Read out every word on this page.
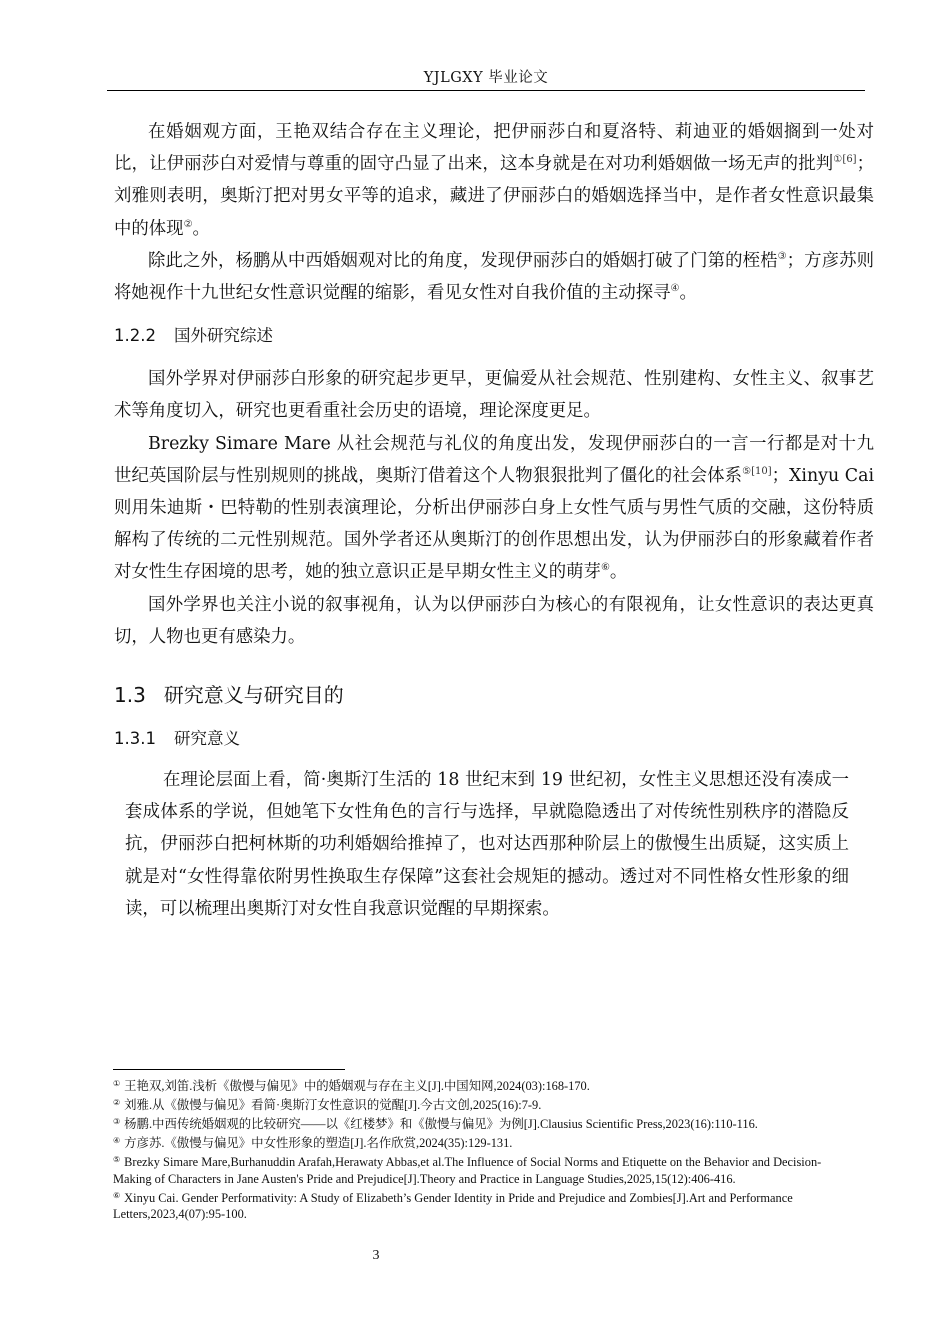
YJLGXY 毕业论文

在婚姻观方面，王艳双结合存在主义理论，把伊丽莎白和夏洛特、莉迪亚的婚姻搁到一处对比，让伊丽莎白对爱情与尊重的固守凸显了出来，这本身就是在对功利婚姻做一场无声的批判$^{①[6]}$；刘雅则表明，奥斯汀把对男女平等的追求，藏进了伊丽莎白的婚姻选择当中，是作者女性意识最集中的体现②。

除此之外，杨鹏从中西婚姻观对比的角度，发现伊丽莎白的婚姻打破了门第的桎梏③；方彦苏则将她视作十九世纪女性意识觉醒的缩影，看见女性对自我价值的主动探寻④。

1.2.2 国外研究综述

国外学界对伊丽莎白形象的研究起步更早，更偏爱从社会规范、性别建构、女性主义、叙事艺术等角度切入，研究也更看重社会历史的语境，理论深度更足。

Brezky Simare Mare 从社会规范与礼仪的角度出发，发现伊丽莎白的一言一行都是对十九世纪英国阶层与性别规则的挑战，奥斯汀借着这个人物狠狠批判了僵化的社会体系$^{⑤[10]}$；Xinyu Cai 则用朱迪斯・巴特勒的性别表演理论，分析出伊丽莎白身上女性气质与男性气质的交融，这份特质解构了传统的二元性别规范。国外学者还从奥斯汀的创作思想出发，认为伊丽莎白的形象藏着作者对女性生存困境的思考，她的独立意识正是早期女性主义的萌芽⑥。

国外学界也关注小说的叙事视角，认为以伊丽莎白为核心的有限视角，让女性意识的表达更真切，人物也更有感染力。

1.3 研究意义与研究目的
1.3.1 研究意义

在理论层面上看，简·奥斯汀生活的 18 世纪末到 19 世纪初，女性主义思想还没有凑成一套成体系的学说，但她笔下女性角色的言行与选择，早就隐隐透出了对传统性别秩序的潜隐反抗，伊丽莎白把柯林斯的功利婚姻给推掉了，也对达西那种阶层上的傲慢生出质疑，这实质上就是对“女性得靠依附男性换取生存保障”这套社会规矩的撼动。透过对不同性格女性形象的细读，可以梳理出奥斯汀对女性自我意识觉醒的早期探索。

① 王艳双,刘笛.浅析《傲慢与偏见》中的婚姻观与存在主义[J].中国知网,2024(03):168-170.
② 刘雅.从《傲慢与偏见》看简·奥斯汀女性意识的觉醒[J].今古文创,2025(16):7-9.
③ 杨鹏.中西传统婚姻观的比较研究——以《红楼梦》和《傲慢与偏见》为例[J].Clausius Scientific Press,2023(16):110-116.
④ 方彦苏.《傲慢与偏见》中女性形象的塑造[J].名作欣赏,2024(35):129-131.
⑤ Brezky Simare Mare,Burhanuddin Arafah,Herawaty Abbas,et al.The Influence of Social Norms and Etiquette on the Behavior and Decision-Making of Characters in Jane Austen's Pride and Prejudice[J].Theory and Practice in Language Studies,2025,15(12):406-416.
⑥ Xinyu Cai. Gender Performativity: A Study of Elizabeth’s Gender Identity in Pride and Prejudice and Zombies[J].Art and Performance Letters,2023,4(07):95-100.
3
